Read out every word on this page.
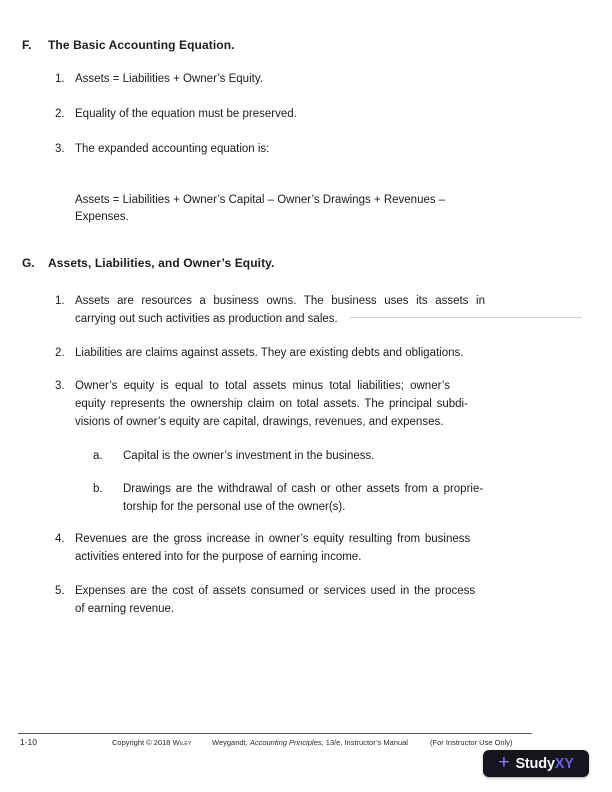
F.	The Basic Accounting Equation.
1. Assets = Liabilities + Owner’s Equity.
2. Equality of the equation must be preserved.
3. The expanded accounting equation is:
Assets = Liabilities + Owner’s Capital – Owner’s Drawings + Revenues –
Expenses.
G.	Assets, Liabilities, and Owner’s Equity.
1. Assets are resources a business owns. The business uses its assets in
carrying out such activities as production and sales.
2. Liabilities are claims against assets. They are existing debts and obligations.
3. Owner’s equity is equal to total assets minus total liabilities; owner’s
equity represents the ownership claim on total assets. The principal subdi-
visions of owner’s equity are capital, drawings, revenues, and expenses.
a.	Capital is the owner’s investment in the business.
b.	Drawings are the withdrawal of cash or other assets from a proprie-
torship for the personal use of the owner(s).
4. Revenues are the gross increase in owner’s equity resulting from business
activities entered into for the purpose of earning income.
5. Expenses are the cost of assets consumed or services used in the process
of earning revenue.
1-10	Copyright © 2018 Wiley	Weygandt, Accounting Principles, 13/e, Instructor’s Manual	(For Instructor Use Only)
+ Study XY
